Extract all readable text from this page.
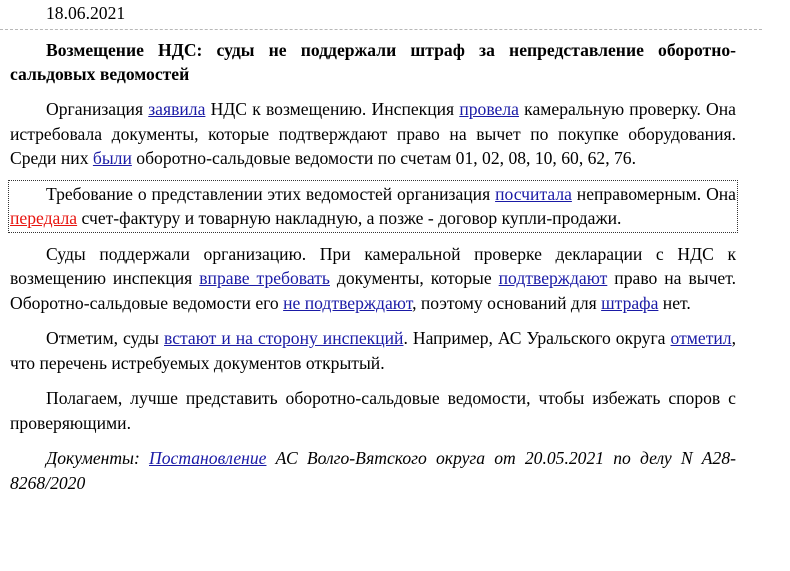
18.06.2021
Возмещение НДС: суды не поддержали штраф за непредставление оборотно-сальдовых ведомостей

Организация заявила НДС к возмещению. Инспекция провела камеральную проверку. Она истребовала документы, которые подтверждают право на вычет по покупке оборудования. Среди них были оборотно-сальдовые ведомости по счетам 01, 02, 08, 10, 60, 62, 76.

Требование о представлении этих ведомостей организация посчитала неправомерным. Она передала счет-фактуру и товарную накладную, а позже - договор купли-продажи.

Суды поддержали организацию. При камеральной проверке декларации с НДС к возмещению инспекция вправе требовать документы, которые подтверждают право на вычет. Оборотно-сальдовые ведомости его не подтверждают, поэтому оснований для штрафа нет.

Отметим, суды встают и на сторону инспекций. Например, АС Уральского округа отметил, что перечень истребуемых документов открытый.

Полагаем, лучше представить оборотно-сальдовые ведомости, чтобы избежать споров с проверяющими.

Документы: Постановление АС Волго-Вятского округа от 20.05.2021 по делу N А28-8268/2020
